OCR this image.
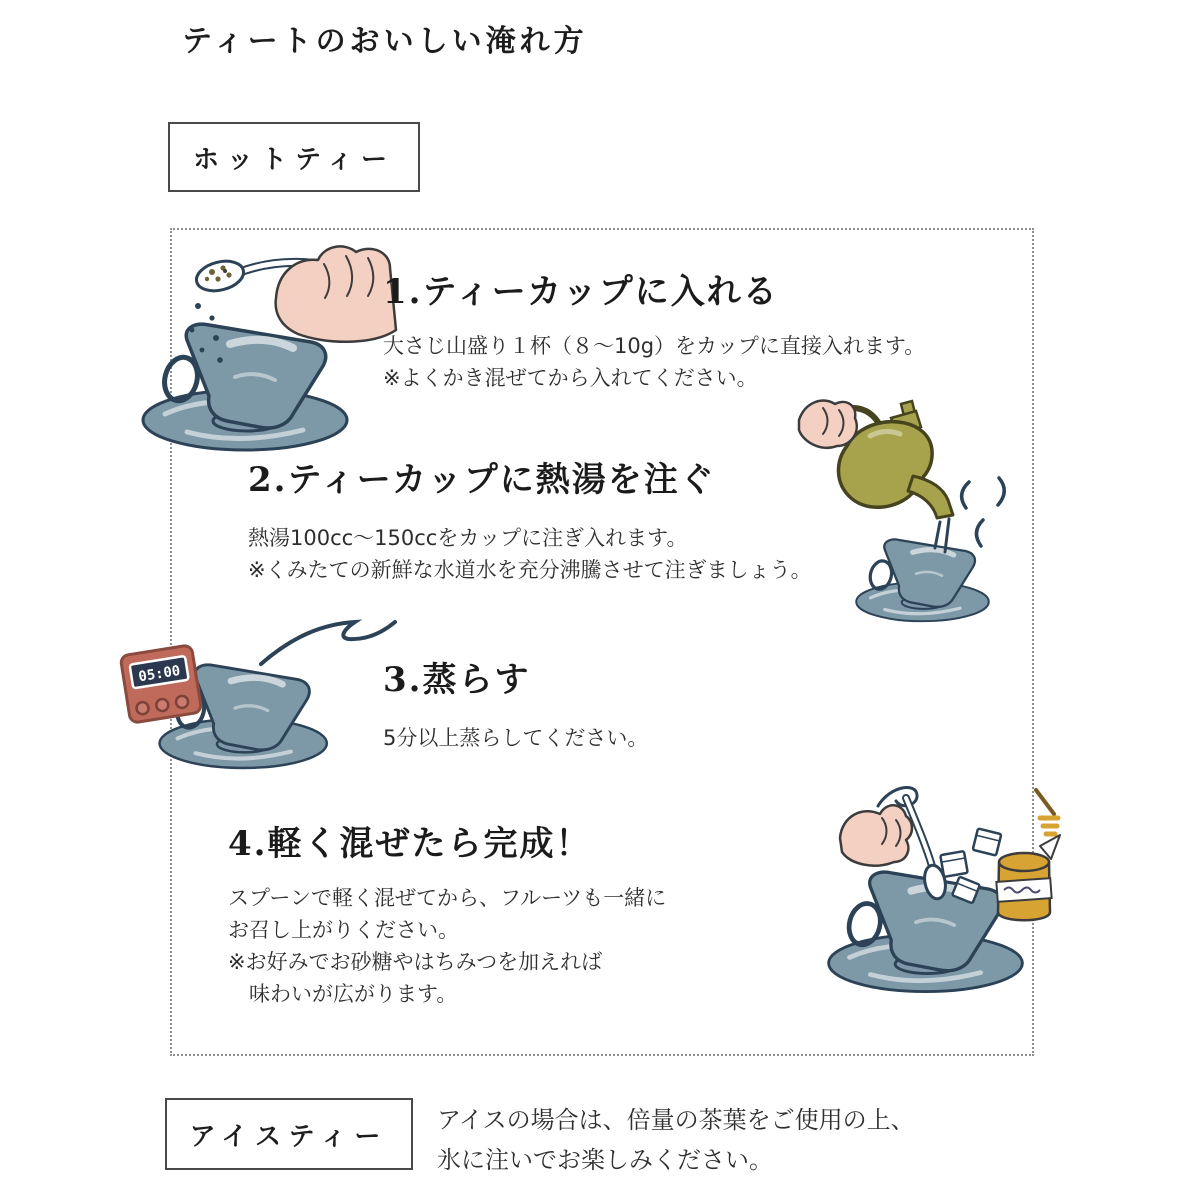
ティートのおいしい淹れ方
ホットティー
1.ティーカップに入れる
大さじ山盛り１杯（８～10g）をカップに直接入れます。
※よくかき混ぜてから入れてください。
2.ティーカップに熱湯を注ぐ
熱湯100cc～150ccをカップに注ぎ入れます。
※くみたての新鮮な水道水を充分沸騰させて注ぎましょう。
05:00	3.蒸らす
5分以上蒸らしてください。
4.軽く混ぜたら完成！
スプーンで軽く混ぜてから、フルーツも一緒に
お召し上がりください。
※お好みでお砂糖やはちみつを加えれば
　味わいが広がります。
アイスティー
アイスの場合は、倍量の茶葉をご使用の上、
氷に注いでお楽しみください。
